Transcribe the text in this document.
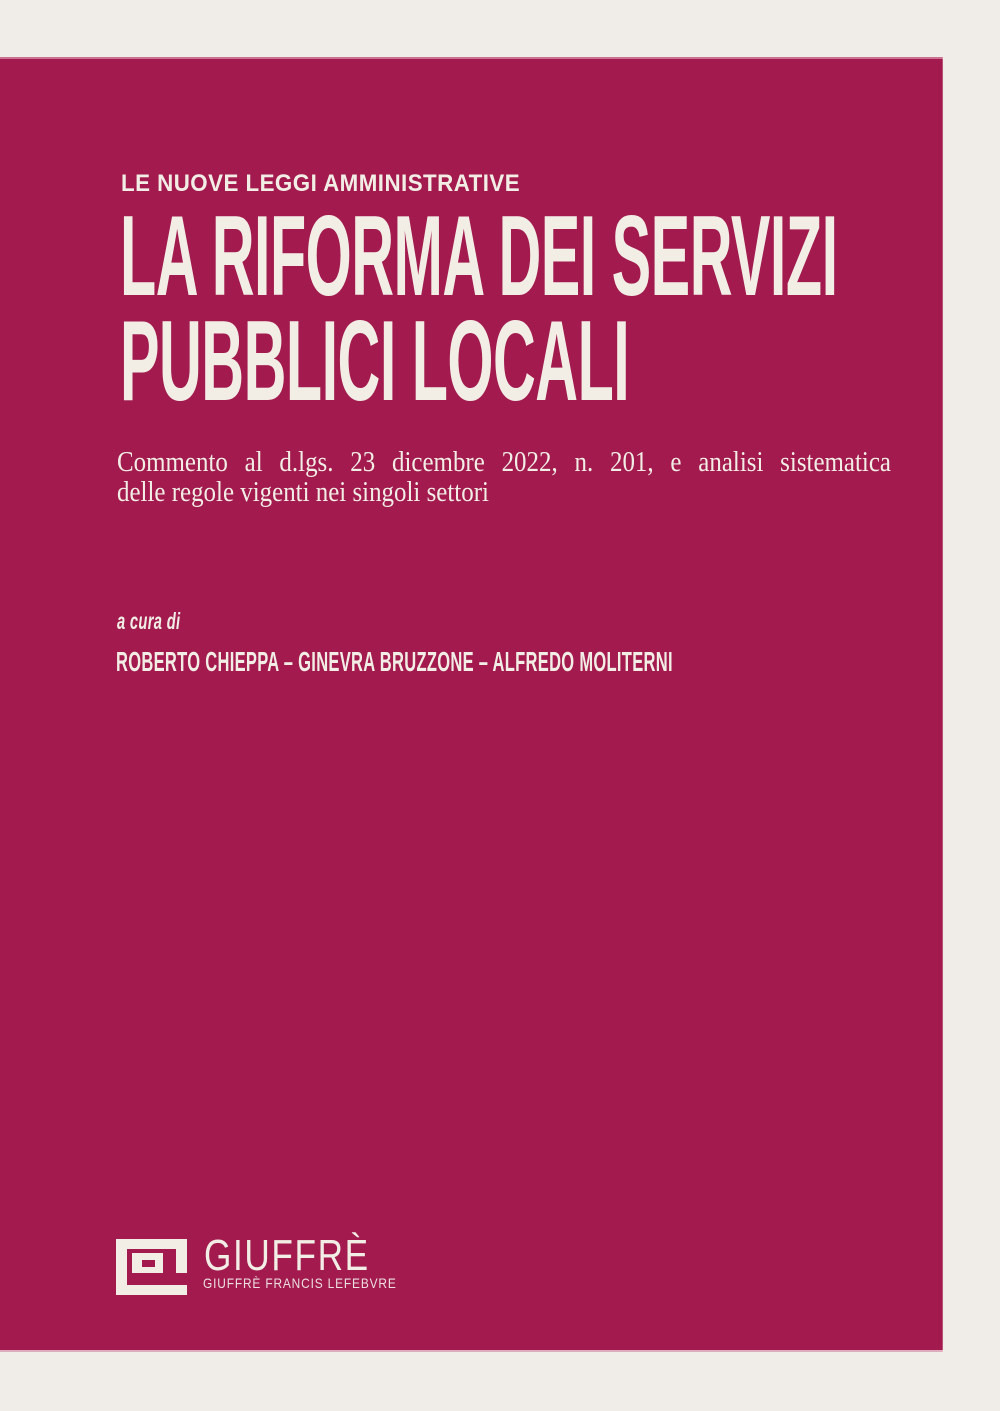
LE NUOVE LEGGI AMMINISTRATIVE
LA RIFORMA DEI SERVIZI
PUBBLICI LOCALI
Commento al d.lgs. 23 dicembre 2022, n. 201, e analisi sistematica
delle regole vigenti nei singoli settori
a cura di
ROBERTO CHIEPPA – GINEVRA BRUZZONE – ALFREDO MOLITERNI
GIUFFRÈ
GIUFFRÈ FRANCIS LEFEBVRE
